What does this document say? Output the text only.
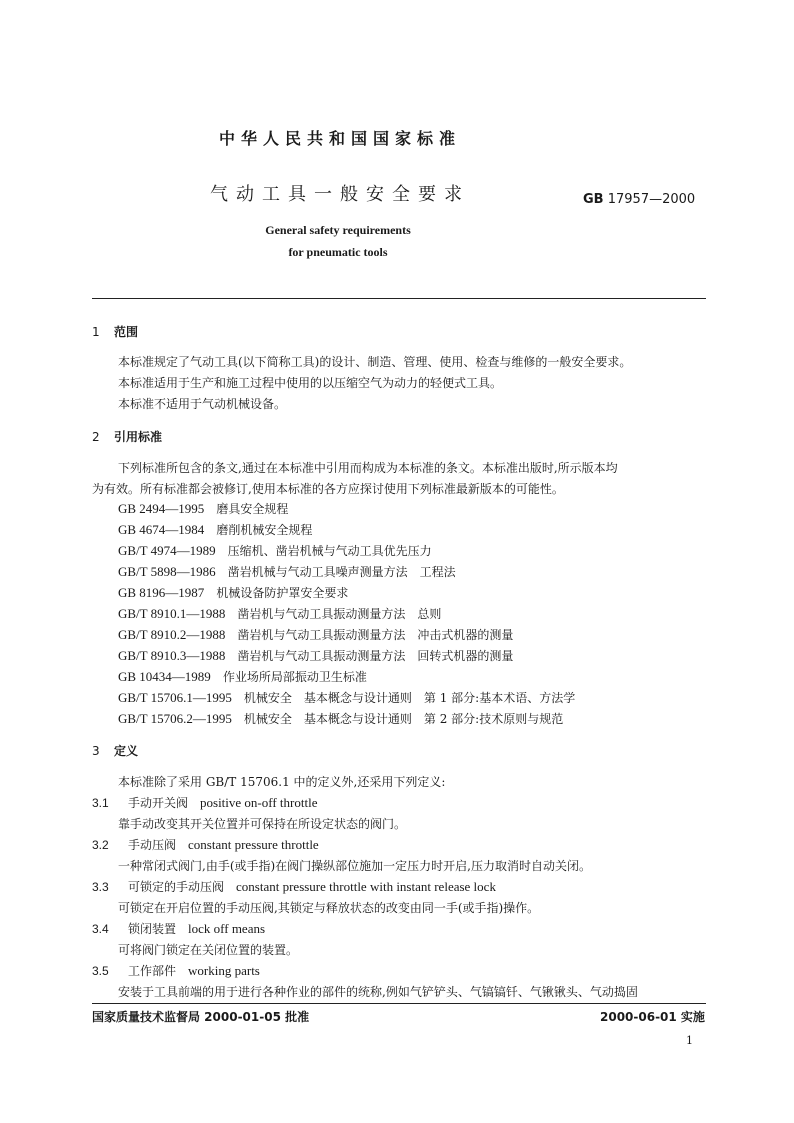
中华人民共和国国家标准
气动工具一般安全要求	GB 17957—2000
General safety requirements
for pneumatic tools
1 范围
本标准规定了气动工具(以下简称工具)的设计、制造、管理、使用、检查与维修的一般安全要求。
本标准适用于生产和施工过程中使用的以压缩空气为动力的轻便式工具。
本标准不适用于气动机械设备。
2 引用标准
下列标准所包含的条文,通过在本标准中引用而构成为本标准的条文。本标准出版时,所示版本均
为有效。所有标准都会被修订,使用本标准的各方应探讨使用下列标准最新版本的可能性。
GB 2494—1995　 磨具安全规程
GB 4674—1984　 磨削机械安全规程
GB/T 4974—1989　 压缩机、凿岩机械与气动工具优先压力
GB/T 5898—1986　 凿岩机械与气动工具噪声测量方法　工程法
GB 8196—1987　 机械设备防护罩安全要求
GB/T 8910.1—1988　 凿岩机与气动工具振动测量方法　总则
GB/T 8910.2—1988　 凿岩机与气动工具振动测量方法　冲击式机器的测量
GB/T 8910.3—1988　 凿岩机与气动工具振动测量方法　回转式机器的测量
GB 10434—1989　 作业场所局部振动卫生标准
GB/T 15706.1—1995　 机械安全　基本概念与设计通则　第 1 部分:基本术语、方法学
GB/T 15706.2—1995　 机械安全　基本概念与设计通则　第 2 部分:技术原则与规范
3 定义
本标准除了采用 GB/T 15706.1 中的定义外,还采用下列定义:
3.1 手动开关阀 positive on-off throttle
靠手动改变其开关位置并可保持在所设定状态的阀门。
3.2 手动压阀 constant pressure throttle
一种常闭式阀门,由手(或手指)在阀门操纵部位施加一定压力时开启,压力取消时自动关闭。
3.3 可锁定的手动压阀 constant pressure throttle with instant release lock
可锁定在开启位置的手动压阀,其锁定与释放状态的改变由同一手(或手指)操作。
3.4 锁闭装置 lock off means
可将阀门锁定在关闭位置的装置。
3.5 工作部件 working parts
安装于工具前端的用于进行各种作业的部件的统称,例如气铲铲头、气镐镐钎、气锹锹头、气动捣固
国家质量技术监督局 2000-01-05 批准	2000-06-01 实施
1
